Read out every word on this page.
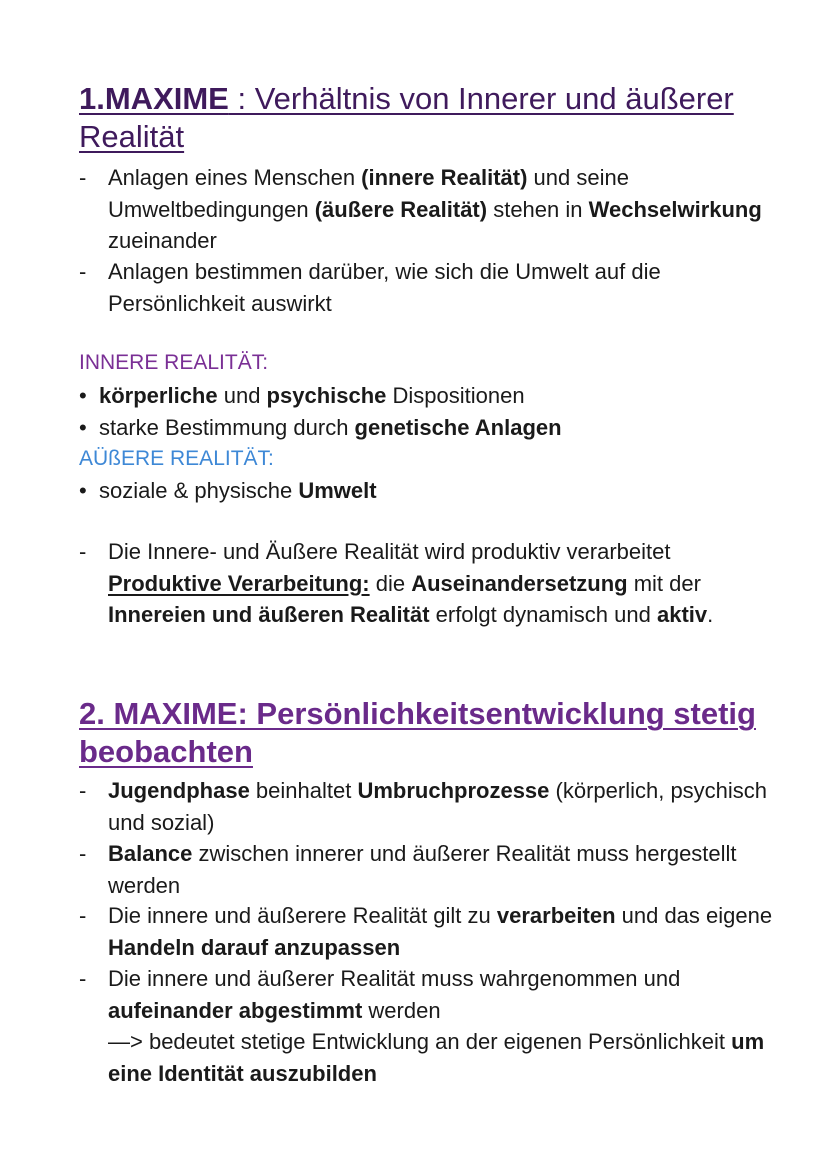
1.MAXIME : Verhältnis von Innerer und äußerer Realität
- Anlagen eines Menschen (innere Realität) und seine Umweltbedingungen (äußere Realität) stehen in Wechselwirkung zueinander
- Anlagen bestimmen darüber, wie sich die Umwelt auf die Persönlichkeit auswirkt
INNERE REALITÄT:
• körperliche und psychische Dispositionen
• starke Bestimmung durch genetische Anlagen
AÜßERE REALITÄT:
• soziale & physische Umwelt
- Die Innere- und Äußere Realität wird produktiv verarbeitet
Produktive Verarbeitung: die Auseinandersetzung mit der Innereien und äußeren Realität erfolgt dynamisch und aktiv.
2. MAXIME: Persönlichkeitsentwicklung stetig beobachten
- Jugendphase beinhaltet Umbruchprozesse (körperlich, psychisch und sozial)
- Balance zwischen innerer und äußerer Realität muss hergestellt werden
- Die innere und äußerere Realität gilt zu verarbeiten und das eigene Handeln darauf anzupassen
- Die innere und äußerer Realität muss wahrgenommen und aufeinander abgestimmt werden
—> bedeutet stetige Entwicklung an der eigenen Persönlichkeit um eine Identität auszubilden
